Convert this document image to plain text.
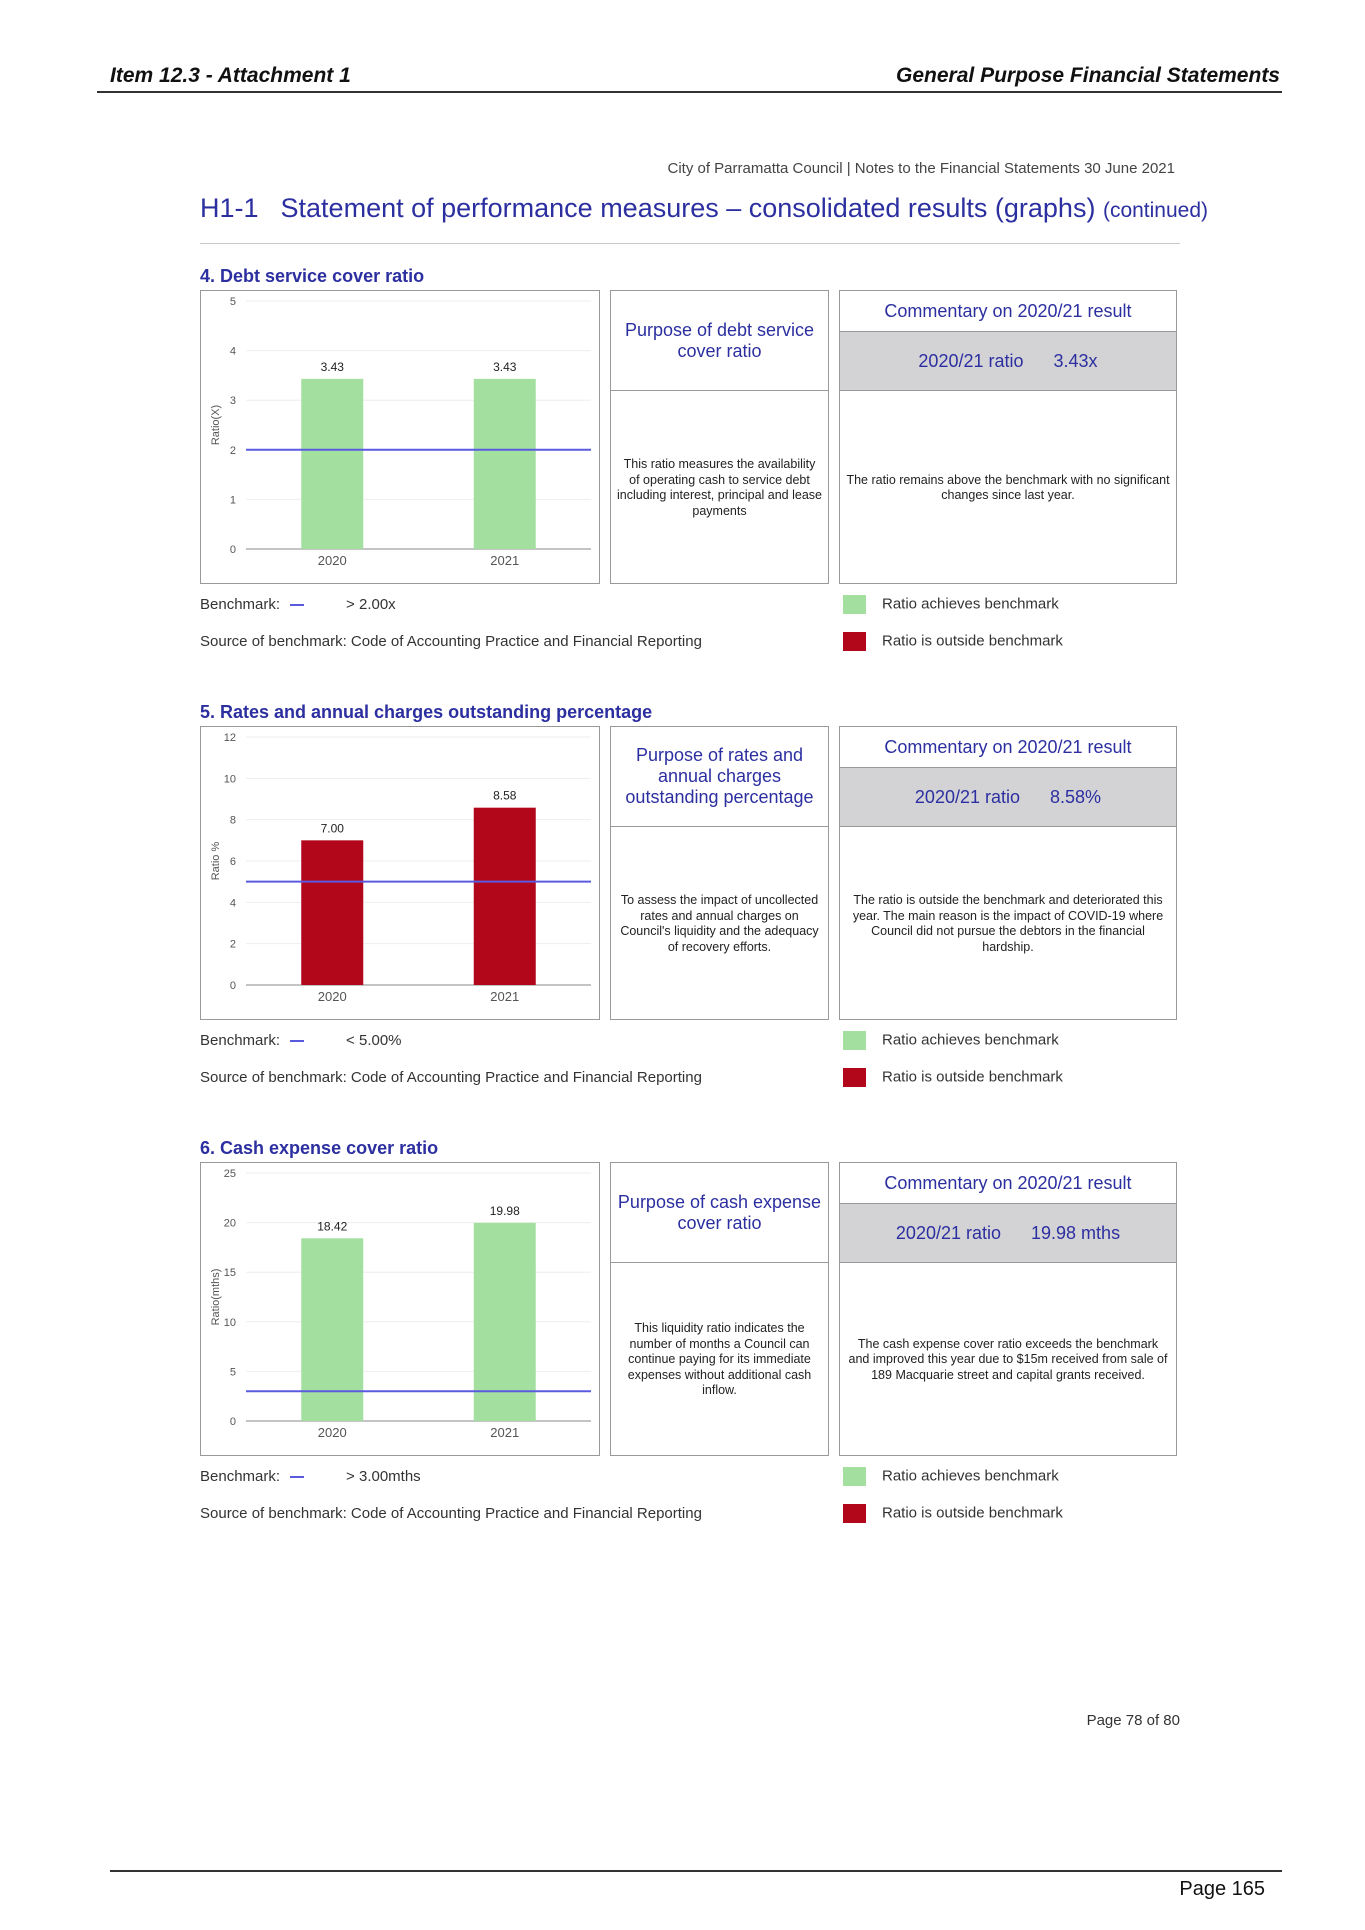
Item 12.3 - Attachment 1	General Purpose Financial Statements
City of Parramatta Council | Notes to the Financial Statements 30 June 2021
H1-1 Statement of performance measures – consolidated results (graphs) (continued)
4. Debt service cover ratio
0
1
2
3
4
5
Ratio(X)
3.43
2020
3.43
2021
Purpose of debt service cover ratio
This ratio measures the availability of operating cash to service debt including interest, principal and lease payments
Commentary on 2020/21 result
2020/21 ratio 3.43x
The ratio remains above the benchmark with no significant changes since last year.
Benchmark:	> 2.00x
Source of benchmark: Code of Accounting Practice and Financial Reporting
Ratio achieves benchmark
Ratio is outside benchmark
5. Rates and annual charges outstanding percentage
0
2
4
6
8
10
12
Ratio %
7.00
2020
8.58
2021
Purpose of rates and annual charges outstanding percentage
To assess the impact of uncollected rates and annual charges on Council's liquidity and the adequacy of recovery efforts.
Commentary on 2020/21 result
2020/21 ratio 8.58%
The ratio is outside the benchmark and deteriorated this year. The main reason is the impact of COVID-19 where Council did not pursue the debtors in the financial hardship.
Benchmark:	< 5.00%
Source of benchmark: Code of Accounting Practice and Financial Reporting
Ratio achieves benchmark
Ratio is outside benchmark
6. Cash expense cover ratio
0
5
10
15
20
25
Ratio(mths)
18.42
2020
19.98
2021
Purpose of cash expense cover ratio
This liquidity ratio indicates the number of months a Council can continue paying for its immediate expenses without additional cash inflow.
Commentary on 2020/21 result
2020/21 ratio 19.98 mths
The cash expense cover ratio exceeds the benchmark and improved this year due to $15m received from sale of 189 Macquarie street and capital grants received.
Benchmark:	> 3.00mths
Source of benchmark: Code of Accounting Practice and Financial Reporting
Ratio achieves benchmark
Ratio is outside benchmark
Page 78 of 80
Page 165
